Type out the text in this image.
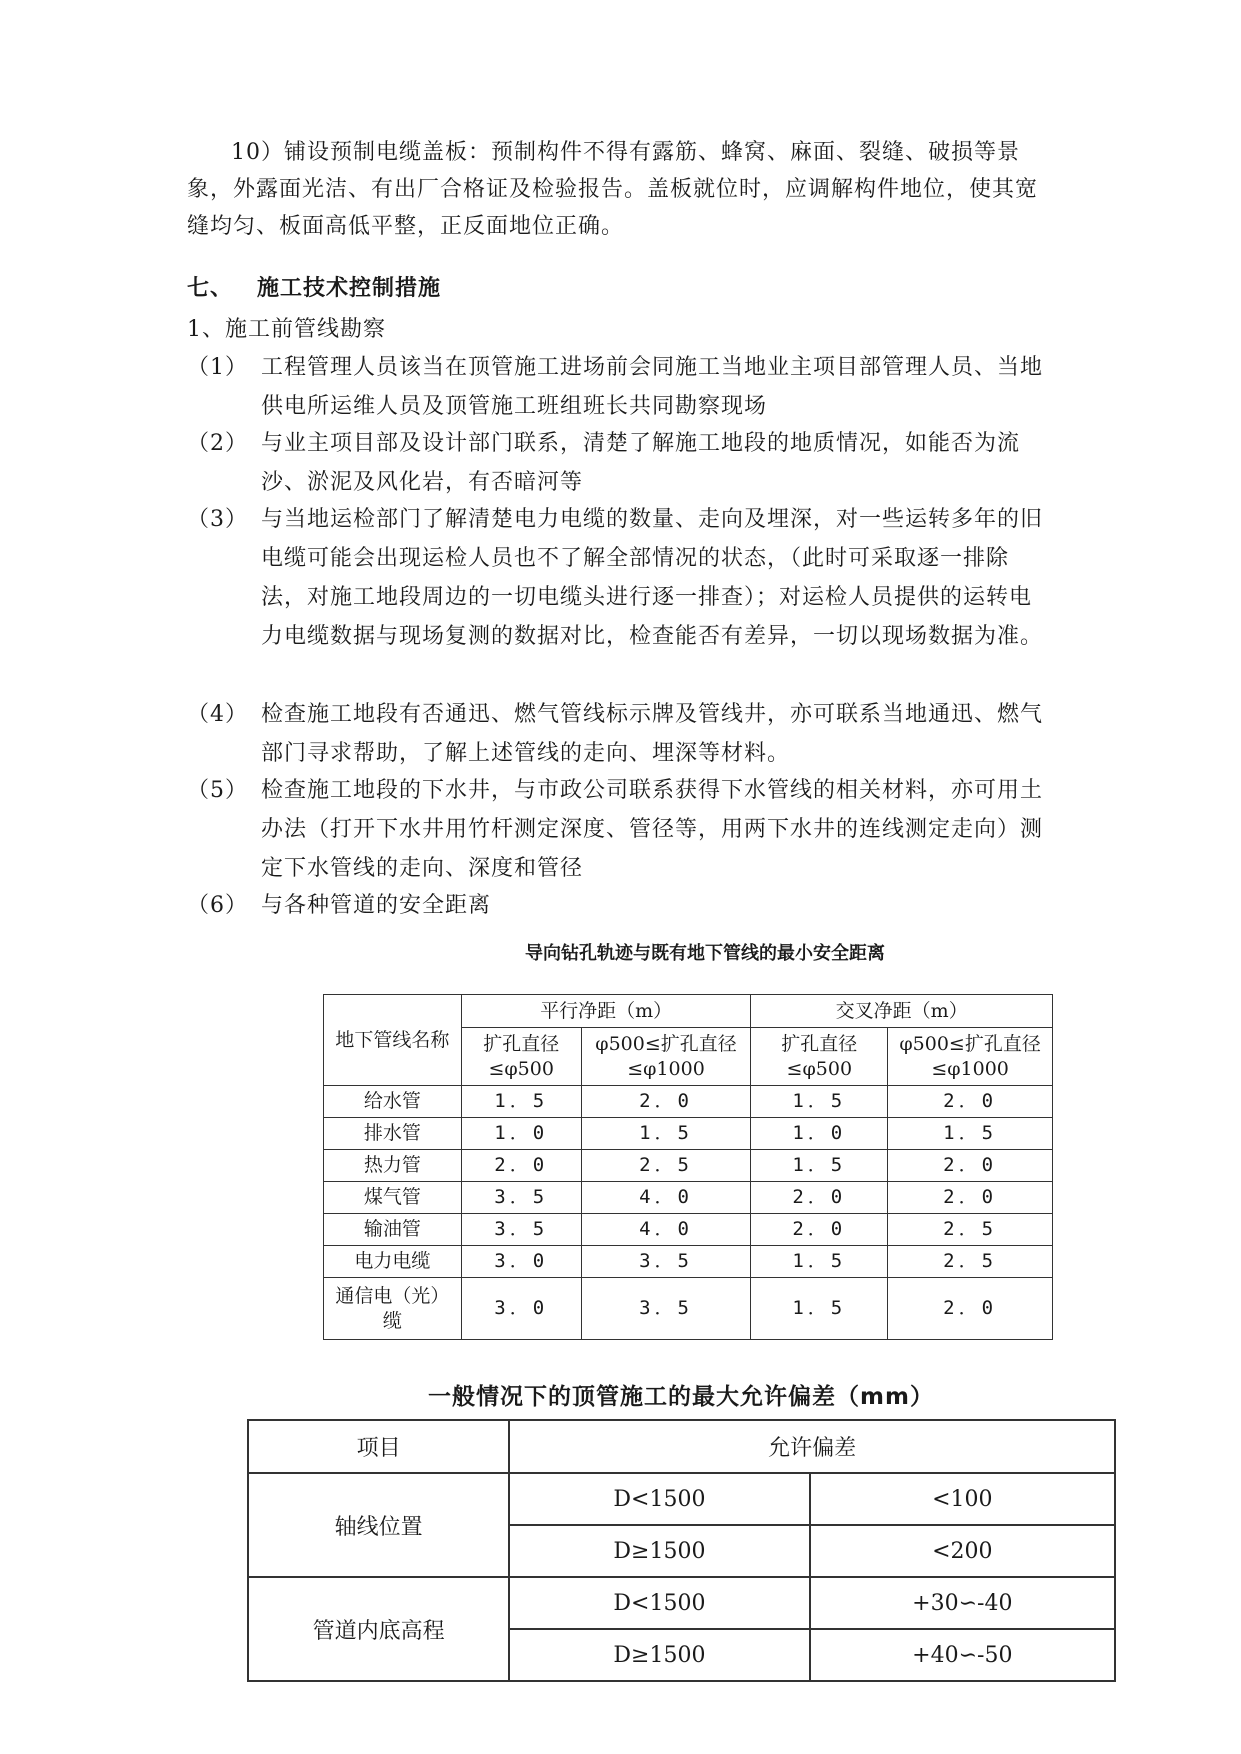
10）铺设预制电缆盖板：预制构件不得有露筋、蜂窝、麻面、裂缝、破损等景象，外露面光洁、有出厂合格证及检验报告。盖板就位时，应调解构件地位，使其宽缝均匀、板面高低平整，正反面地位正确。
七、 施工技术控制措施
1、施工前管线勘察
（1） 工程管理人员该当在顶管施工进场前会同施工当地业主项目部管理人员、当地供电所运维人员及顶管施工班组班长共同勘察现场
（2） 与业主项目部及设计部门联系，清楚了解施工地段的地质情况，如能否为流沙、淤泥及风化岩，有否暗河等
（3） 与当地运检部门了解清楚电力电缆的数量、走向及埋深，对一些运转多年的旧电缆可能会出现运检人员也不了解全部情况的状态，（此时可采取逐一排除法，对施工地段周边的一切电缆头进行逐一排查）；对运检人员提供的运转电力电缆数据与现场复测的数据对比，检查能否有差异，一切以现场数据为准。
（4） 检查施工地段有否通迅、燃气管线标示牌及管线井，亦可联系当地通迅、燃气部门寻求帮助，了解上述管线的走向、埋深等材料。
（5） 检查施工地段的下水井，与市政公司联系获得下水管线的相关材料，亦可用土办法（打开下水井用竹杆测定深度、管径等，用两下水井的连线测定走向）测定下水管线的走向、深度和管径
（6） 与各种管道的安全距离
导向钻孔轨迹与既有地下管线的最小安全距离
地下管线名称	平行净距（m）		交叉净距（m）	
	扩孔直径≤φ500	φ500≤扩孔直径≤φ1000	扩孔直径≤φ500	φ500≤扩孔直径≤φ1000
给水管	1．5	2．0	1．5	2．0
排水管	1．0	1．5	1．0	1．5
热力管	2．0	2．5	1．5	2．0
煤气管	3．5	4．0	2．0	2．0
输油管	3．5	4．0	2．0	2．5
电力电缆	3．0	3．5	1．5	2．5
通信电（光）缆	3．0	3．5	1．5	2．0
一般情况下的顶管施工的最大允许偏差（mm）
项目	允许偏差	
轴线位置	D<1500	<100
	D≥1500	<200
管道内底高程	D<1500	+30∽-40
	D≥1500	+40∽-50
